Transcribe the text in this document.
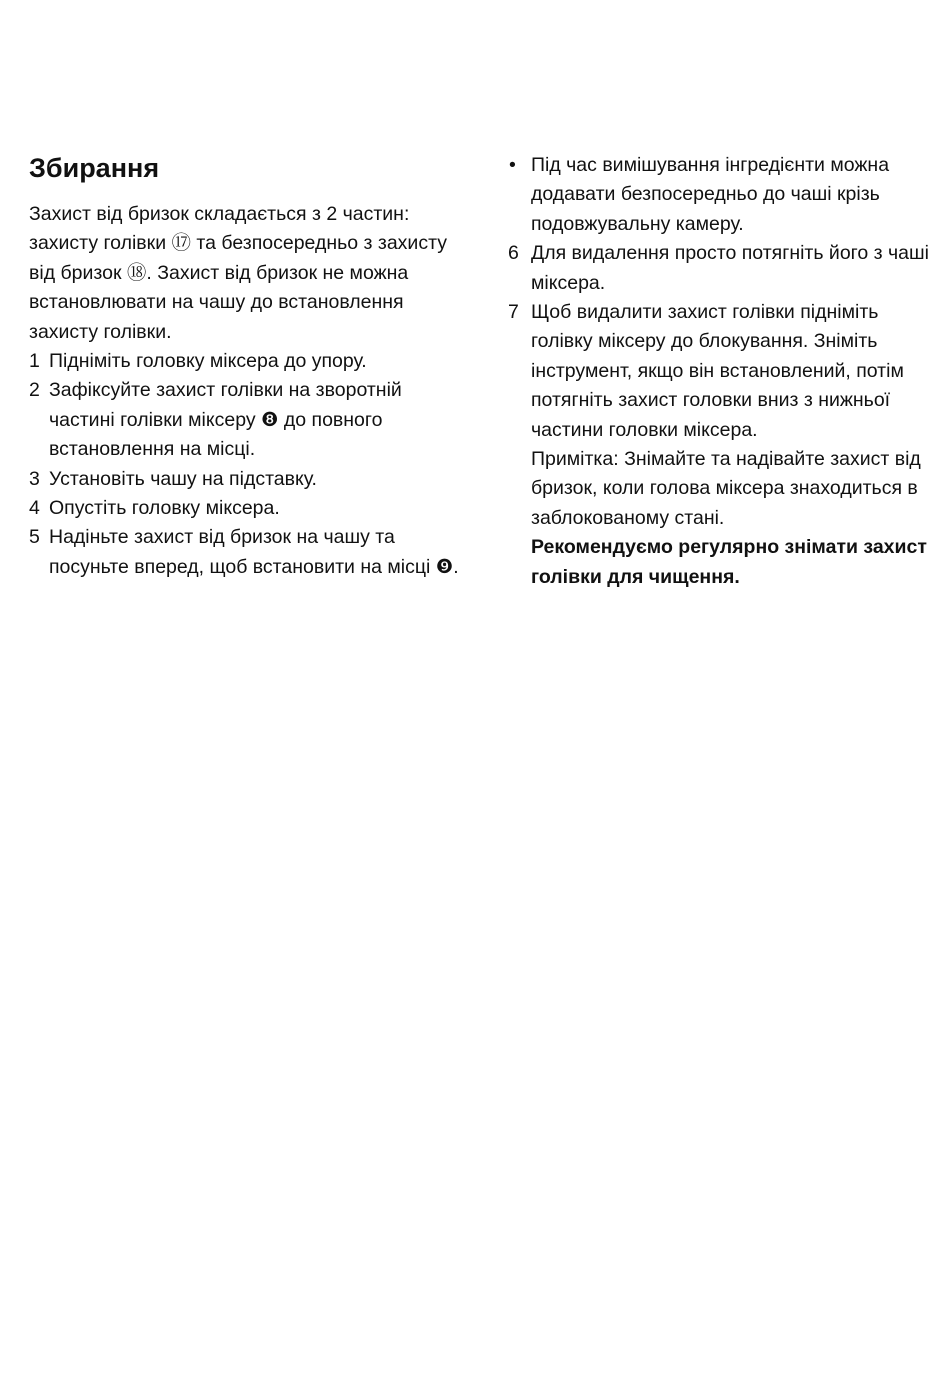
Збирання

Захист від бризок складається з 2 частин: захисту голівки ⑰ та безпосередньо з захисту від бризок ⑱. Захист від бризок не можна встановлювати на чашу до встановлення захисту голівки.

1 Підніміть головку міксера до упору.
2 Зафіксуйте захист голівки на зворотній частині голівки міксеру ❽ до повного встановлення на місці.
3 Установіть чашу на підставку.
4 Опустіть головку міксера.
5 Надіньте захист від бризок на чашу та посуньте вперед, щоб встановити на місці ❾.
• Під час вимішування інгредієнти можна додавати безпосередньо до чаші крізь подовжувальну камеру.
6 Для видалення просто потягніть його з чаші міксера.
7 Щоб видалити захист голівки підніміть голівку міксеру до блокування. Зніміть інструмент, якщо він встановлений, потім потягніть захист головки вниз з нижньої частини головки міксера.

Примітка: Знімайте та надівайте захист від бризок, коли голова міксера знаходиться в заблокованому стані.

Рекомендуємо регулярно знімати захист голівки для чищення.
